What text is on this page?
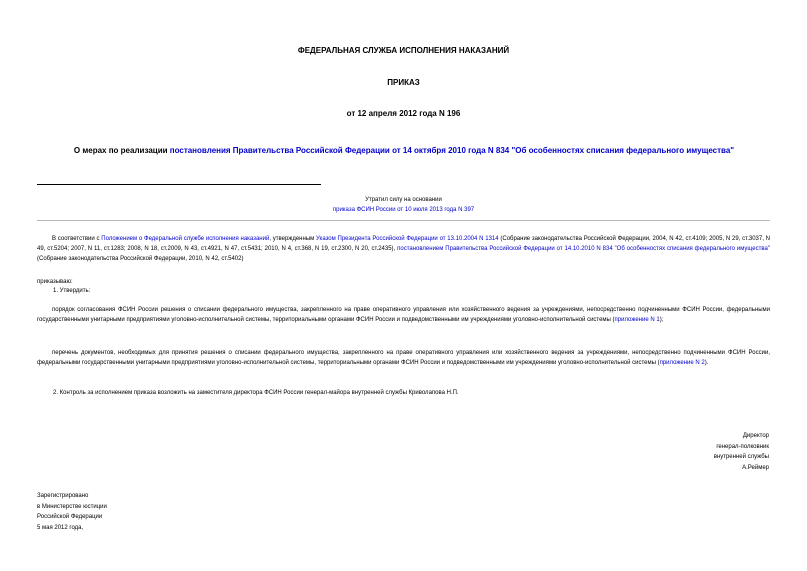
ФЕДЕРАЛЬНАЯ СЛУЖБА ИСПОЛНЕНИЯ НАКАЗАНИЙ
ПРИКАЗ
от 12 апреля 2012 года N 196
О мерах по реализации постановления Правительства Российской Федерации от 14 октября 2010 года N 834 "Об особенностях списания федерального имущества"
Утратил силу на основании
приказа ФСИН России от 10 июля 2013 года N 397
В соответствии с Положением о Федеральной службе исполнения наказаний, утвержденным Указом Президента Российской Федерации от 13.10.2004 N 1314 (Собрание законодательства Российской Федерации, 2004, N 42, ст.4109; 2005, N 29, ст.3037, N 49, ст.5204; 2007, N 11, ст.1283; 2008, N 18, ст.2009, N 43, ст.4921, N 47, ст.5431; 2010, N 4, ст.368, N 19, ст.2300, N 20, ст.2435), постановлением Правительства Российской Федерации от 14.10.2010 N 834 "Об особенностях списания федерального имущества" (Собрание законодательства Российской Федерации, 2010, N 42, ст.5402)
приказываю:
1. Утвердить:
порядок согласования ФСИН России решения о списании федерального имущества, закрепленного на праве оперативного управления или хозяйственного ведения за учреждениями, непосредственно подчиненными ФСИН России, федеральными государственными унитарными предприятиями уголовно-исполнительной системы, территориальными органами ФСИН России и подведомственными им учреждениями уголовно-исполнительной системы (приложение N 1);
перечень документов, необходимых для принятия решения о списании федерального имущества, закрепленного на праве оперативного управления или хозяйственного ведения за учреждениями, непосредственно подчиненными ФСИН России, федеральными государственными унитарными предприятиями уголовно-исполнительной системы, территориальными органами ФСИН России и подведомственными им учреждениями уголовно-исполнительной системы (приложение N 2).
2. Контроль за исполнением приказа возложить на заместителя директора ФСИН России генерал-майора внутренней службы Криволапова Н.П.
Директор
генерал-полковник
внутренней службы
А.Реймер
Зарегистрировано
в Министерстве юстиции
Российской Федерации
5 мая 2012 года,
